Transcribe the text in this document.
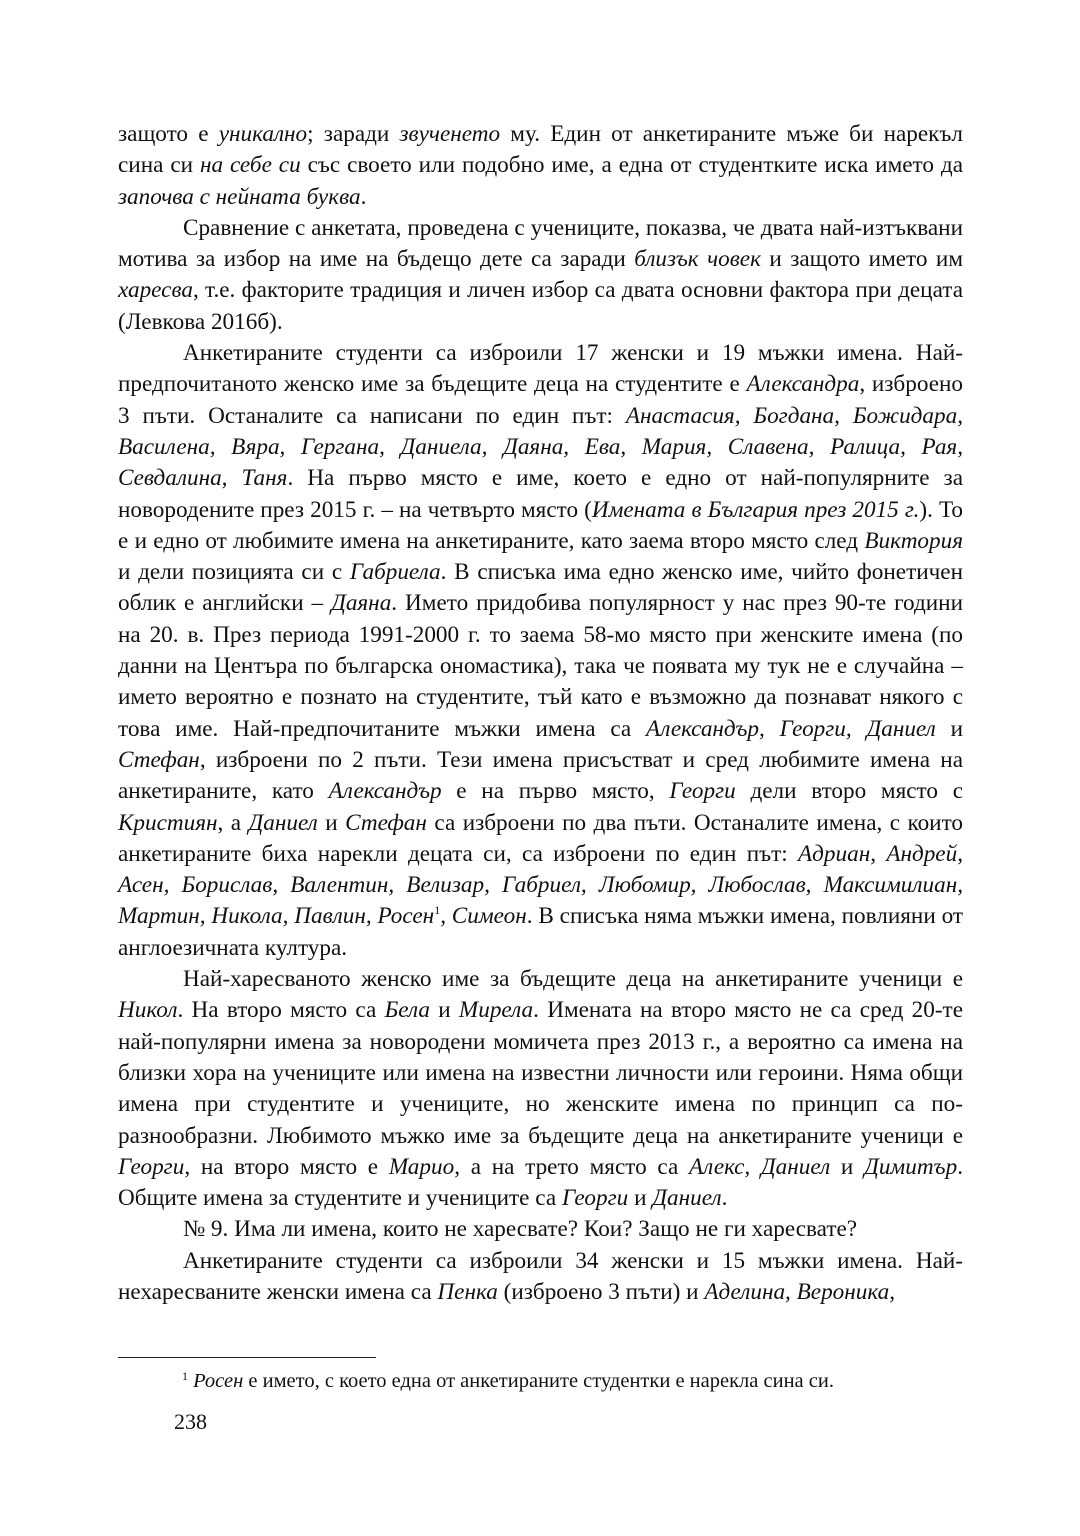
защото е уникално; заради звученето му. Един от анкетираните мъже би нарекъл сина си на себе си със своето или подобно име, а една от студентките иска името да започва с нейната буква.

Сравнение с анкетата, проведена с учениците, показва, че двата най-изтъквани мотива за избор на име на бъдещо дете са заради близък човек и защото името им харесва, т.е. факторите традиция и личен избор са двата основни фактора при децата (Левкова 2016б).

Анкетираните студенти са изброили 17 женски и 19 мъжки имена. Най-предпочитаното женско име за бъдещите деца на студентите е Александра, изброено 3 пъти. Останалите са написани по един път: Анастасия, Богдана, Божидара, Василена, Вяра, Гергана, Даниела, Даяна, Ева, Мария, Славена, Ралица, Рая, Севдалина, Таня. На първо място е име, което е едно от най-популярните за новородените през 2015 г. – на четвърто място (Имената в България през 2015 г.). То е и едно от любимите имена на анкетираните, като заема второ място след Виктория и дели позицията си с Габриела. В списъка има едно женско име, чийто фонетичен облик е английски – Даяна. Името придобива популярност у нас през 90-те години на 20. в. През периода 1991-2000 г. то заема 58-мо място при женските имена (по данни на Центъра по българска ономастика), така че появата му тук не е случайна – името вероятно е познато на студентите, тъй като е възможно да познават някого с това име. Най-предпочитаните мъжки имена са Александър, Георги, Даниел и Стефан, изброени по 2 пъти. Тези имена присъстват и сред любимите имена на анкетираните, като Александър е на първо място, Георги дели второ място с Кристиян, а Даниел и Стефан са изброени по два пъти. Останалите имена, с които анкетираните биха нарекли децата си, са изброени по един път: Адриан, Андрей, Асен, Борислав, Валентин, Велизар, Габриел, Любомир, Любослав, Максимилиан, Мартин, Никола, Павлин, Росен$^1$, Симеон. В списъка няма мъжки имена, повлияни от англоезичната култура.

Най-харесваното женско име за бъдещите деца на анкетираните ученици е Никол. На второ място са Бела и Мирела. Имената на второ място не са сред 20-те най-популярни имена за новородени момичета през 2013 г., а вероятно са имена на близки хора на учениците или имена на известни личности или героини. Няма общи имена при студентите и учениците, но женските имена по принцип са по-разнообразни. Любимото мъжко име за бъдещите деца на анкетираните ученици е Георги, на второ място е Марио, а на трето място са Алекс, Даниел и Димитър. Общите имена за студентите и учениците са Георги и Даниел.

№ 9. Има ли имена, които не харесвате? Кои? Защо не ги харесвате?

Анкетираните студенти са изброили 34 женски и 15 мъжки имена. Най-нехаресваните женски имена са Пенка (изброено 3 пъти) и Аделина, Вероника,

$^1$ Росен е името, с което една от анкетираните студентки е нарекла сина си.
238
